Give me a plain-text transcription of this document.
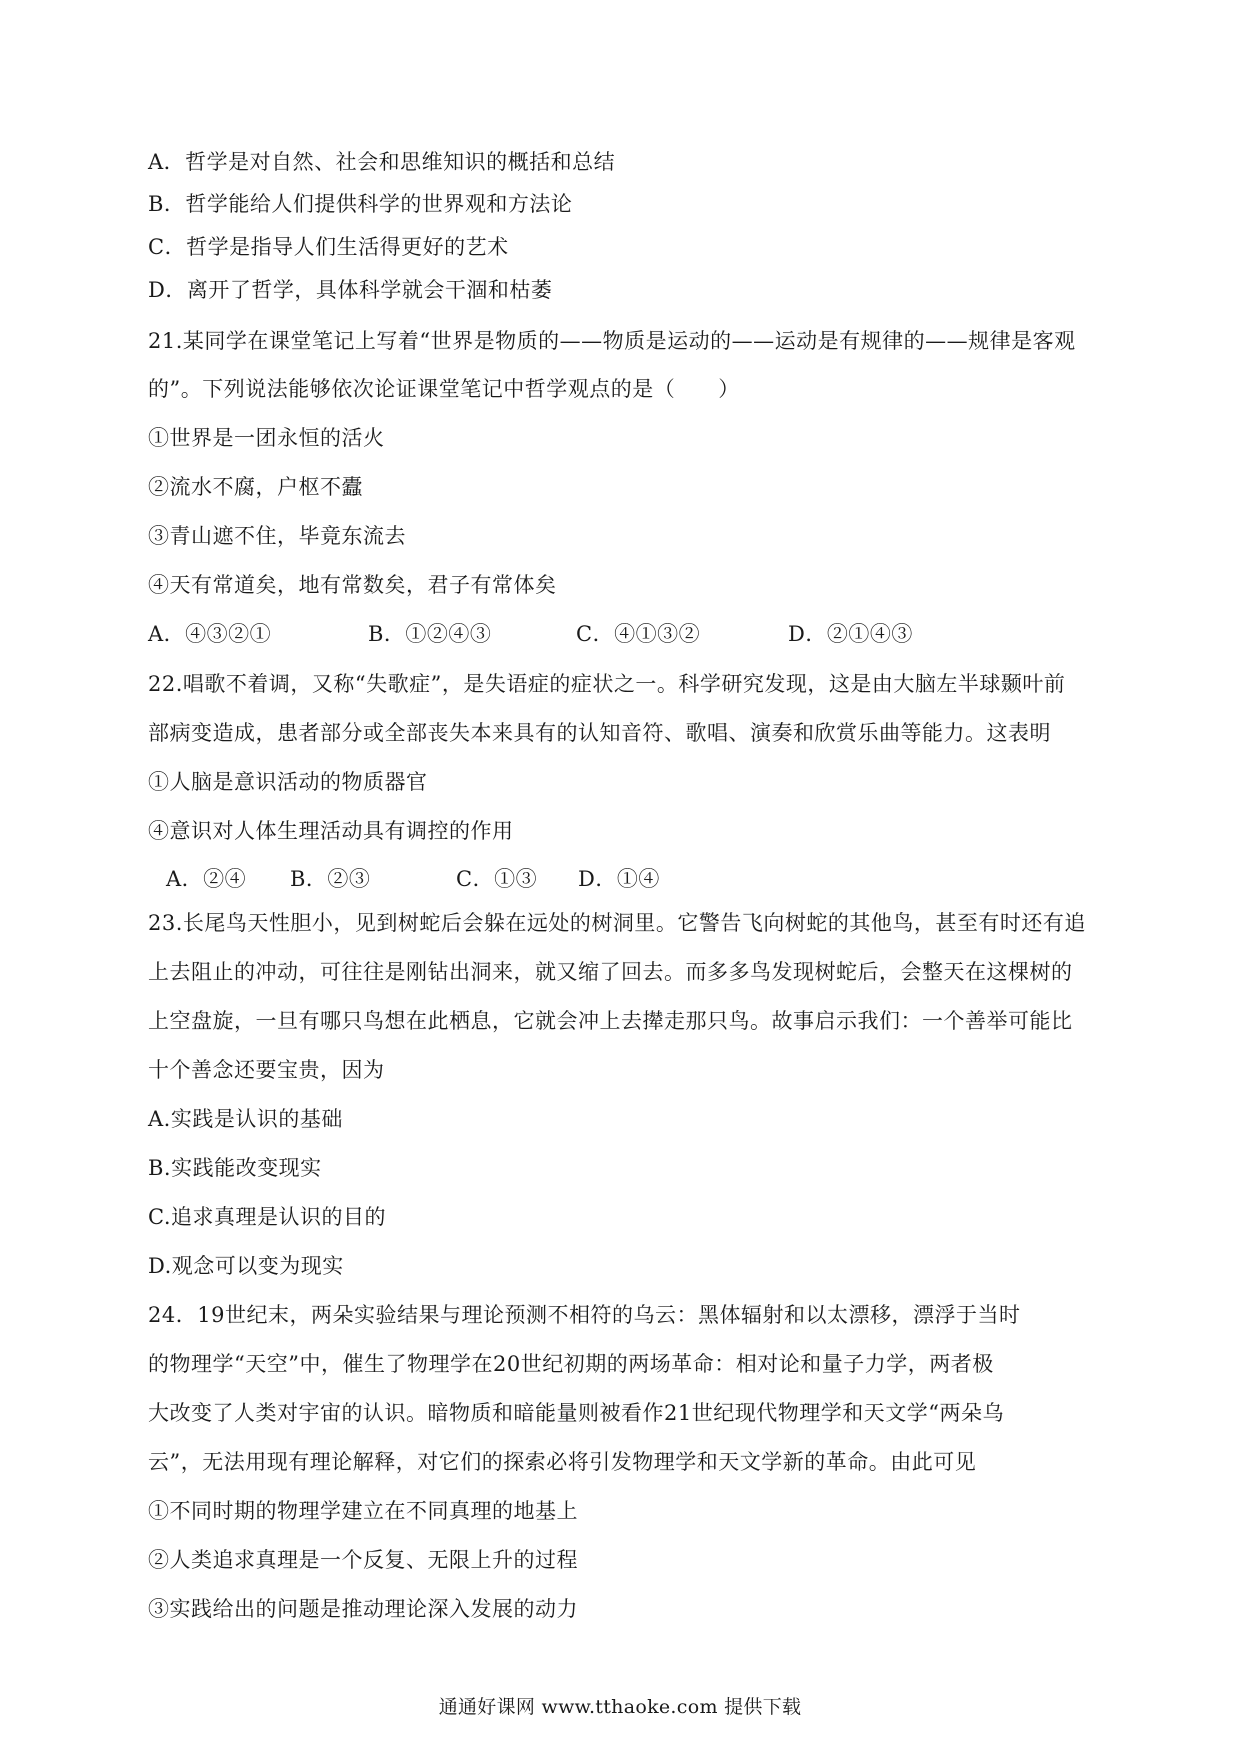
A．哲学是对自然、社会和思维知识的概括和总结
B．哲学能给人们提供科学的世界观和方法论
C．哲学是指导人们生活得更好的艺术
D．离开了哲学，具体科学就会干涸和枯萎
21.某同学在课堂笔记上写着“世界是物质的——物质是运动的——运动是有规律的——规律是客观
的”。下列说法能够依次论证课堂笔记中哲学观点的是（　　）
①世界是一团永恒的活火
②流水不腐，户枢不蠹
③青山遮不住，毕竟东流去
④天有常道矣，地有常数矣，君子有常体矣
A．④③②①	B．①②④③	C．④①③②	D．②①④③
22.唱歌不着调，又称“失歌症”，是失语症的症状之一。科学研究发现，这是由大脑左半球颞叶前
部病变造成，患者部分或全部丧失本来具有的认知音符、歌唱、演奏和欣赏乐曲等能力。这表明
①人脑是意识活动的物质器官
④意识对人体生理活动具有调控的作用
A．②④ B．②③	C．①③ D．①④
23.长尾鸟天性胆小，见到树蛇后会躲在远处的树洞里。它警告飞向树蛇的其他鸟，甚至有时还有追
上去阻止的冲动，可往往是刚钻出洞来，就又缩了回去。而多多鸟发现树蛇后，会整天在这棵树的
上空盘旋，一旦有哪只鸟想在此栖息，它就会冲上去撵走那只鸟。故事启示我们：一个善举可能比
十个善念还要宝贵，因为
A.实践是认识的基础
B.实践能改变现实
C.追求真理是认识的目的
D.观念可以变为现实
24．19世纪末，两朵实验结果与理论预测不相符的乌云：黑体辐射和以太漂移，漂浮于当时
的物理学“天空”中，催生了物理学在20世纪初期的两场革命：相对论和量子力学，两者极
大改变了人类对宇宙的认识。暗物质和暗能量则被看作21世纪现代物理学和天文学“两朵乌
云”，无法用现有理论解释，对它们的探索必将引发物理学和天文学新的革命。由此可见
①不同时期的物理学建立在不同真理的地基上
②人类追求真理是一个反复、无限上升的过程
③实践给出的问题是推动理论深入发展的动力
通通好课网 www.tthaoke.com 提供下载
